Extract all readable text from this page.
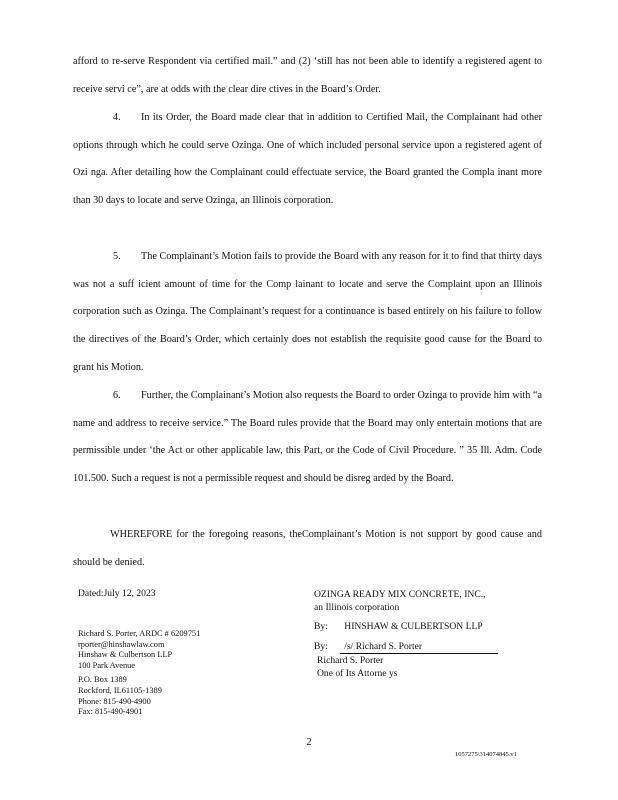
afford to re-serve Respondent via certified mail.” and (2) ‘still has not been able to identify a registered agent to receive servi ce”, are at odds with the clear dire ctives in the Board’s Order.

4.  In its Order, the Board made clear that in addition to Certified Mail, the Complainant had other options through which he could serve Ozinga. One of which included personal service upon a registered agent of Ozi nga. After detailing how the Complainant could effectuate service, the Board granted the Compla inant more than 30 days to locate and serve Ozinga, an Illinois corporation.

5.  The Complainant’s Motion fails to provide the Board with any reason for it to find that thirty days was not a suff icient amount of time for the Comp lainant to locate and serve the Complaint upon an Illinois corporation such as Ozinga. The Complainant’s request for a continuance is based entirely on his failure to follow the directives of the Board’s Order, which certainly does not establish the requisite good cause for the Board to grant his Motion.

6.  Further, the Complainant’s Motion also requests the Board to order Ozinga to provide him with “a name and address to receive service.” The Board rules provide that the Board may only entertain motions that are permissible under ‘the Act or other applicable law, this Part, or the Code of Civil Procedure. ” 35 Ill. Adm. Code 101.500. Such a request is not a permissible request and should be disreg arded by the Board.

WHEREFORE for the foregoing reasons, theComplainant’s Motion is not support by good cause and should be denied.

Dated:July 12, 2023	OZINGA READY MIX CONCRETE, INC.,
an Illinois corporation
By: HINSHAW & CULBERTSON LLP
By: /s/ Richard S. Porter
Richard S. Porter
One of Its Attorne ys
Richard S. Porter, ARDC # 6209751
rporter@hinshawlaw.com
Hinshaw & Culbertson LLP
100 Park Avenue
P.O. Box 1389
Rockford, IL61105-1389
Phone: 815-490-4900
Fax: 815-490-4901
2
1057275\314074845.v1
